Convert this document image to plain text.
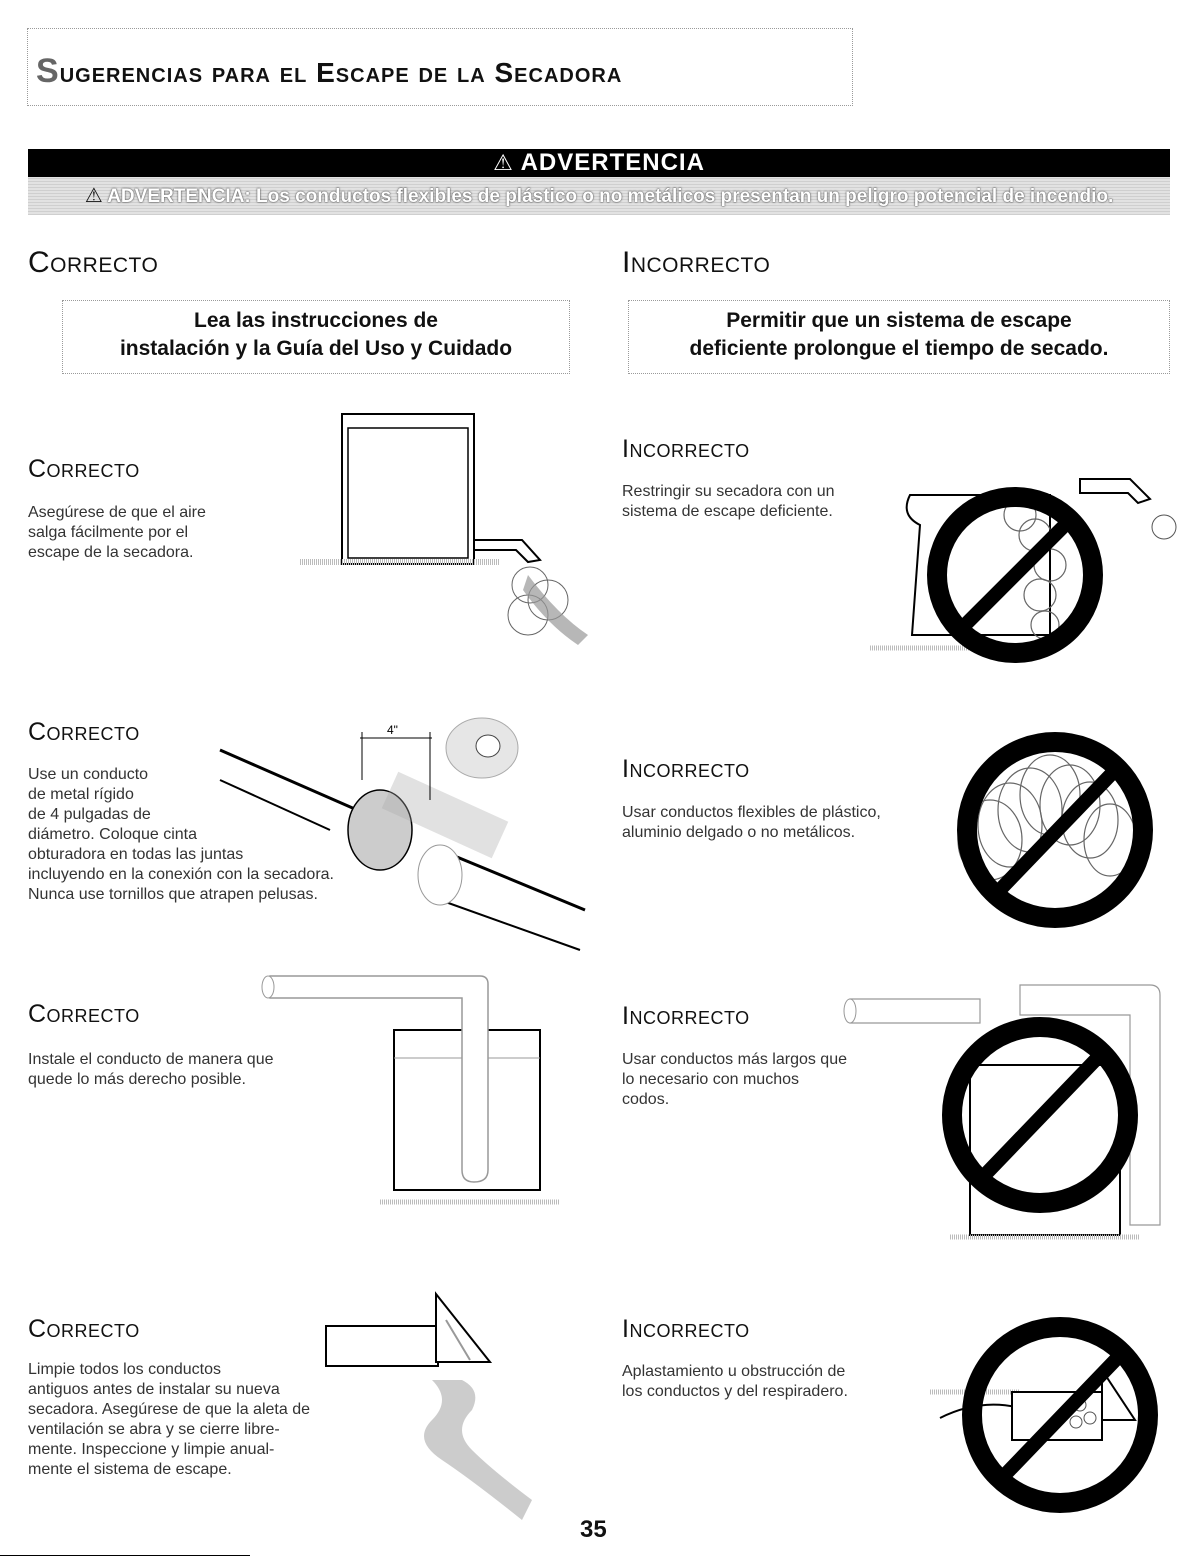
Sugerencias para el Escape de la Secadora
⚠ ADVERTENCIA
⚠ ADVERTENCIA: Los conductos flexibles de plástico o no metálicos presentan un peligro potencial de incendio.
Correcto	Incorrecto
Lea las instrucciones de
instalación y la Guía del Uso y Cuidado
Permitir que un sistema de escape
deficiente prolongue el tiempo de secado.
Correcto
Asegúrese de que el aire
salga fácilmente por el
escape de la secadora.
Correcto
Use un conducto
de metal rígido
de 4 pulgadas de
diámetro. Coloque cinta
obturadora en todas las juntas
incluyendo en la conexión con la secadora.
Nunca use tornillos que atrapen pelusas.
4"
Correcto
Instale el conducto de manera que
quede lo más derecho posible.
Correcto
Limpie todos los conductos
antiguos antes de instalar su nueva
secadora. Asegúrese de que la aleta de
ventilación se abra y se cierre libre-
mente. Inspeccione y limpie anual-
mente el sistema de escape.
Incorrecto
Restringir su secadora con un
sistema de escape deficiente.
Incorrecto
Usar conductos flexibles de plástico,
aluminio delgado o no metálicos.
Incorrecto
Usar conductos más largos que
lo necesario con muchos
codos.
Incorrecto
Aplastamiento u obstrucción de
los conductos y del respiradero.
35
